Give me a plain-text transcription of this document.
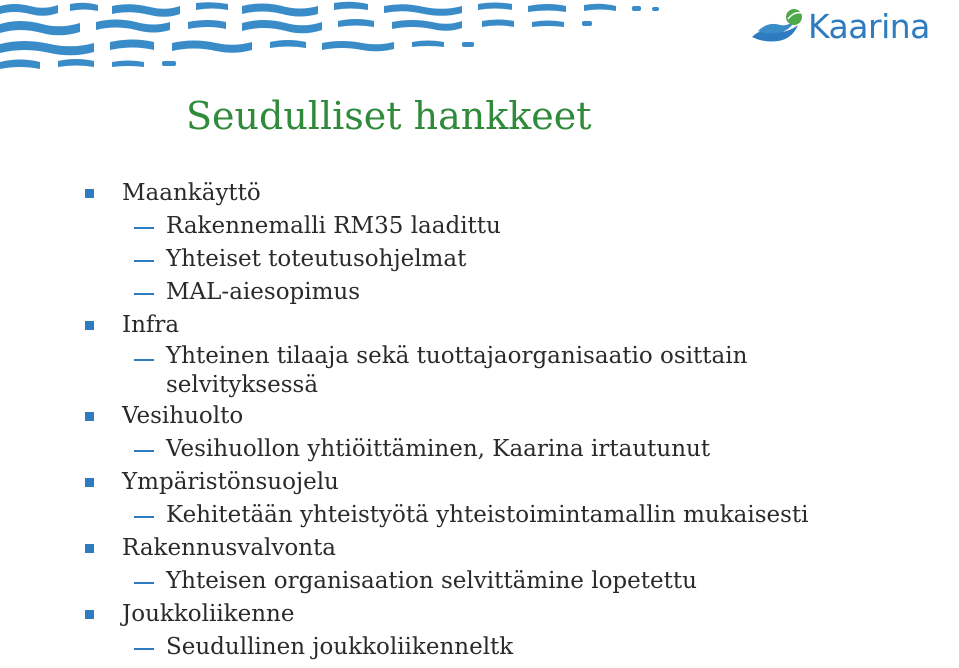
Kaarina
Seudulliset hankkeet
Maankäyttö
Rakennemalli RM35 laadittu
Yhteiset toteutusohjelmat
MAL-aiesopimus
Infra
Yhteinen tilaaja sekä tuottajaorganisaatio osittain selvityksessä
Vesihuolto
Vesihuollon yhtiöittäminen, Kaarina irtautunut
Ympäristönsuojelu
Kehitetään yhteistyötä yhteistoimintamallin mukaisesti
Rakennusvalvonta
Yhteisen organisaation selvittämine lopetettu
Joukkoliikenne
Seudullinen joukkoliikenneltk
